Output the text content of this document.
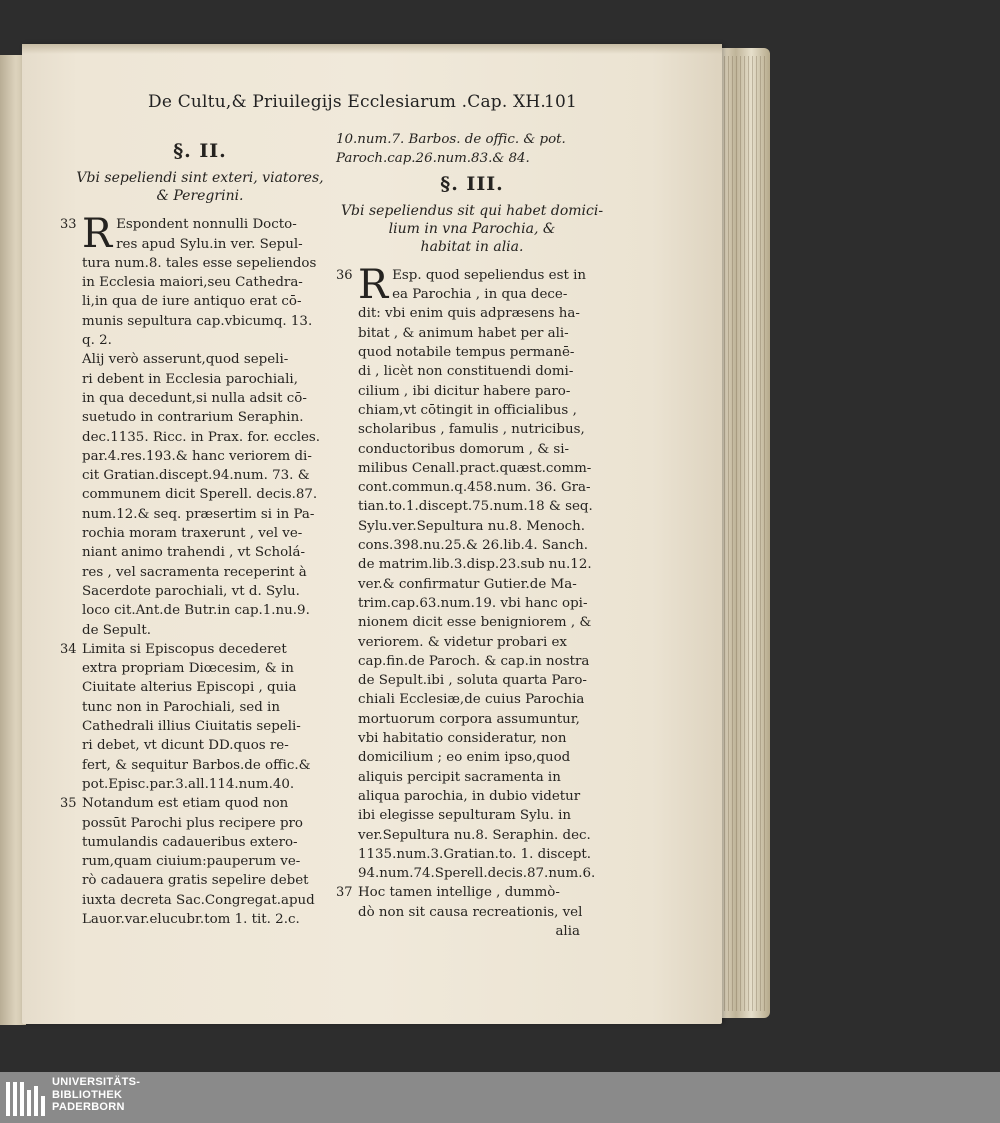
De Cultu,& Priuilegijs Ecclesiarum .Cap. XH.
101
§. II.
Vbi sepeliendi sint exteri, viatores,
& Peregrini.
33 R Espondent nonnulli Docto-
res apud Sylu.in ver. Sepul-
tura num.8. tales esse sepeliendos
in Ecclesia maiori,seu Cathedra-
li,in qua de iure antiquo erat cō-
munis sepultura cap.vbicumq. 13.
q. 2.
Alij verò asserunt,quod sepeli-
ri debent in Ecclesia parochiali,
in qua decedunt,si nulla adsit cō-
suetudo in contrarium Seraphin.
dec.1135. Ricc. in Prax. for. eccles.
par.4.res.193.& hanc veriorem di-
cit Gratian.discept.94.num. 73. &
communem dicit Sperell. decis.87.
num.12.& seq. præsertim si in Pa-
rochia moram traxerunt , vel ve-
niant animo trahendi , vt Scholá-
res , vel sacramenta receperint à
Sacerdote parochiali, vt d. Sylu.
loco cit.Ant.de Butr.in cap.1.nu.9.
de Sepult.
34 Limita si Episcopus decederet
extra propriam Diœcesim, & in
Ciuitate alterius Episcopi , quia
tunc non in Parochiali, sed in
Cathedrali illius Ciuitatis sepeli-
ri debet, vt dicunt DD.quos re-
fert, & sequitur Barbos.de offic.&
pot.Episc.par.3.all.114.num.40.
35 Notandum est etiam quod non
possūt Parochi plus recipere pro
tumulandis cadaueribus extero-
rum,quam ciuium:pauperum ve-
rò cadauera gratis sepelire debet
iuxta decreta Sac.Congregat.apud
Lauor.var.elucubr.tom 1. tit. 2.c.
10.num.7. Barbos. de offic. & pot.
Paroch.cap.26.num.83.& 84.
§. III.
Vbi sepeliendus sit qui habet domici-
lium in vna Parochia, &
habitat in alia.
36 R Esp. quod sepeliendus est in
ea Parochia , in qua dece-
dit: vbi enim quis adpræsens ha-
bitat , & animum habet per ali-
quod notabile tempus permanē-
di , licèt non constituendi domi-
cilium , ibi dicitur habere paro-
chiam,vt cōtingit in officialibus ,
scholaribus , famulis , nutricibus,
conductoribus domorum , & si-
milibus Cenall.pract.quæst.comm-
cont.commun.q.458.num. 36. Gra-
tian.to.1.discept.75.num.18 & seq.
Sylu.ver.Sepultura nu.8. Menoch.
cons.398.nu.25.& 26.lib.4. Sanch.
de matrim.lib.3.disp.23.sub nu.12.
ver.& confirmatur Gutier.de Ma-
trim.cap.63.num.19. vbi hanc opi-
nionem dicit esse benigniorem , &
veriorem. & videtur probari ex
cap.fin.de Paroch. & cap.in nostra
de Sepult.ibi , soluta quarta Paro-
chiali Ecclesiæ,de cuius Parochia
mortuorum corpora assumuntur,
vbi habitatio consideratur, non
domicilium ; eo enim ipso,quod
aliquis percipit sacramenta in
aliqua parochia, in dubio videtur
ibi elegisse sepulturam Sylu. in
ver.Sepultura nu.8. Seraphin. dec.
1135.num.3.Gratian.to. 1. discept.
94.num.74.Sperell.decis.87.num.6.
37 Hoc tamen intellige , dummò-
dò non sit causa recreationis, vel
alia
UNIVERSITÄTS-
BIBLIOTHEK
PADERBORN
